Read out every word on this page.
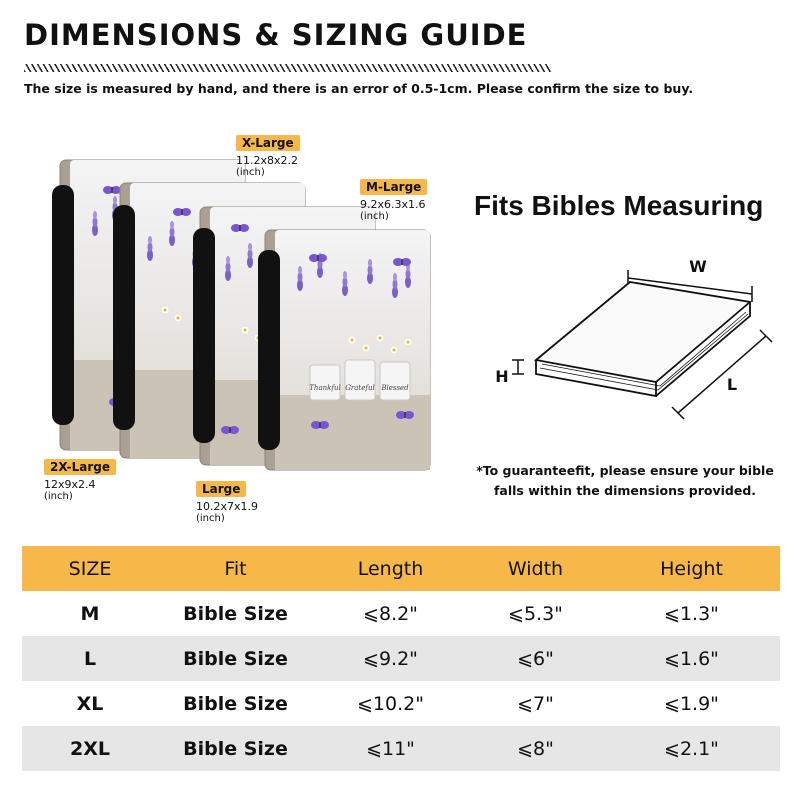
DIMENSIONS & SIZING GUIDE
The size is measured by hand, and there is an error of 0.5-1cm. Please confirm the size to buy.
Thankful Grateful Blessed
X-Large
11.2x8x2.2
(inch)
M-Large
9.2x6.3x1.6
(inch)
2X-Large
12x9x2.4
(inch)
Large
10.2x7x1.9
(inch)
Fits Bibles Measuring
W
H	L
*To guaranteefit, please ensure your bible falls within the dimensions provided.
SIZE	Fit	Length	Width	Height
M	Bible Size	⩽8.2"	⩽5.3"	⩽1.3"
L	Bible Size	⩽9.2"	⩽6"	⩽1.6"
XL	Bible Size	⩽10.2"	⩽7"	⩽1.9"
2XL	Bible Size	⩽11"	⩽8"	⩽2.1"
